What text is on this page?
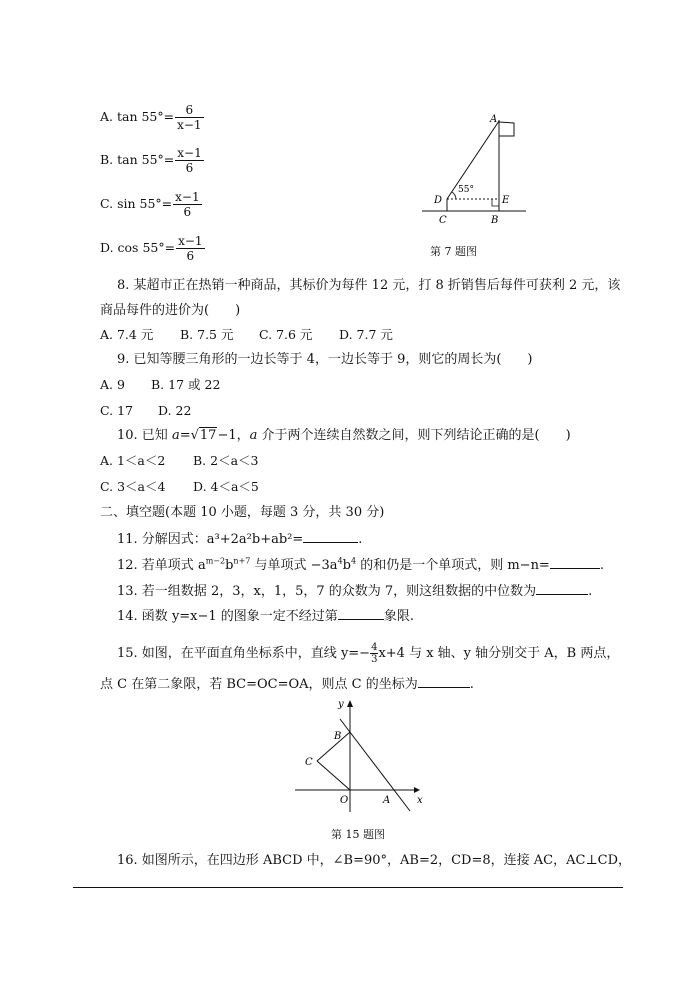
A. $\tan 55^\circ= \frac{6}{x-1}$
B. $\tan 55^\circ= \frac{x-1}{6}$
C. $\sin 55^\circ= \frac{x-1}{6}$
D. $\cos 55^\circ= \frac{x-1}{6}$
A
D	E
C	B
55°
第 7 题图
8. 某超市正在热销一种商品，其标价为每件 12 元，打 8 折销售后每件可获利 2 元，该
商品每件的进价为(　　)
A. 7.4 元 B. 7.5 元 C. 7.6 元 D. 7.7 元
9. 已知等腰三角形的一边长等于 4，一边长等于 9，则它的周长为(　　)
A. 9 B. 17 或 22
C. 17 D. 22
10. 已知 a=√17−1，a 介于两个连续自然数之间，则下列结论正确的是(　　)
A. 1＜a＜2 B. 2＜a＜3
C. 3＜a＜4 D. 4＜a＜5
二、填空题(本题 10 小题，每题 3 分，共 30 分)
11. 分解因式：a³+2a²b+ab²=	.
12. 若单项式 $a^{m-2}b^{n+7}$ 与单项式 $-3a^4b^4$ 的和仍是一个单项式，则 m−n=	.
13. 若一组数据 2，3，x，1，5，7 的众数为 7，则这组数据的中位数为	.
14. 函数 y=x−1 的图象一定不经过第	象限.
15. 如图，在平面直角坐标系中，直线 $y=- \frac{4}{3} x+4$ 与 x 轴、y 轴分别交于 A，B 两点，
点 C 在第二象限，若 BC=OC=OA，则点 C 的坐标为	.
y
x
B
C
O	A
第 15 题图
16. 如图所示，在四边形 ABCD 中，∠B=90°，AB=2，CD=8，连接 AC，AC⊥CD，
